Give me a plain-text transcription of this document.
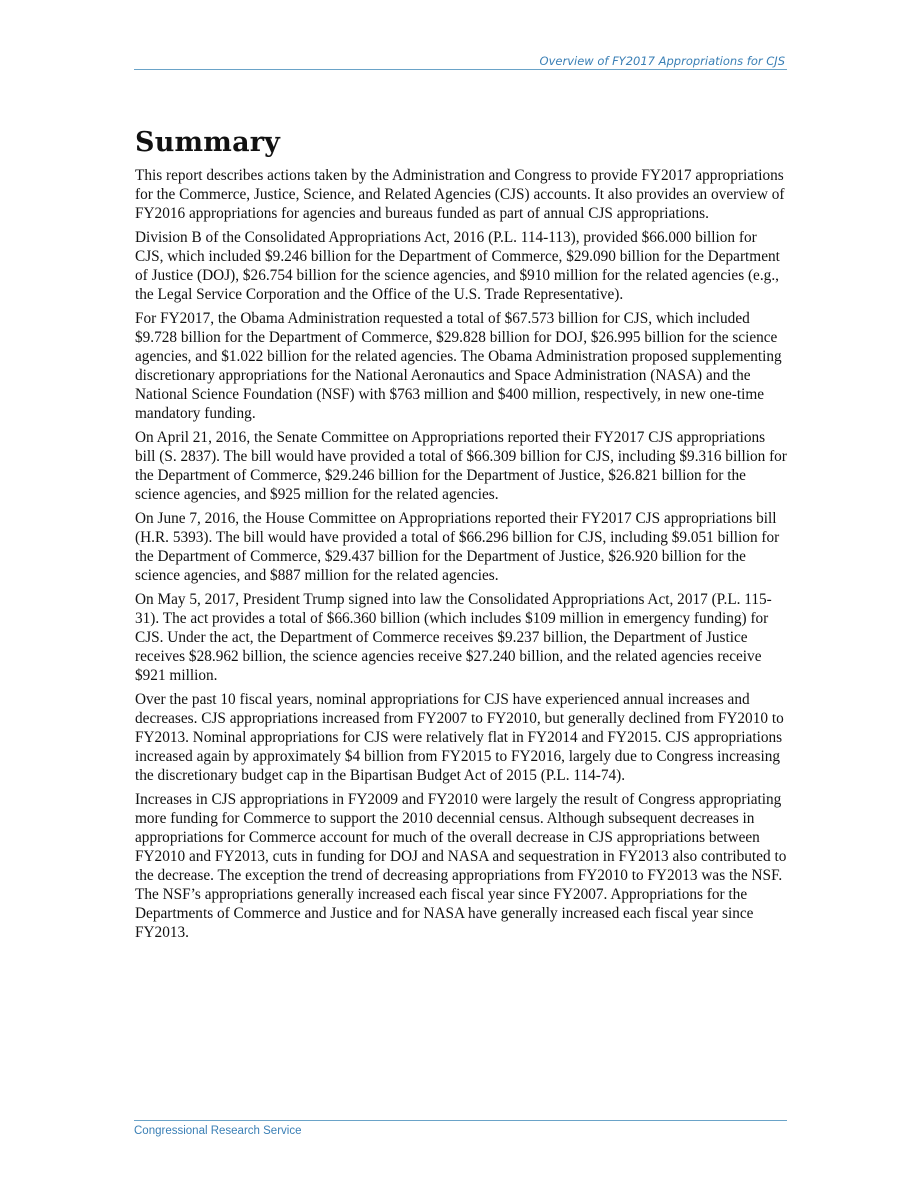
Overview of FY2017 Appropriations for CJS
Summary

This report describes actions taken by the Administration and Congress to provide FY2017 appropriations for the Commerce, Justice, Science, and Related Agencies (CJS) accounts. It also provides an overview of FY2016 appropriations for agencies and bureaus funded as part of annual CJS appropriations.

Division B of the Consolidated Appropriations Act, 2016 (P.L. 114-113), provided $66.000 billion for CJS, which included $9.246 billion for the Department of Commerce, $29.090 billion for the Department of Justice (DOJ), $26.754 billion for the science agencies, and $910 million for the related agencies (e.g., the Legal Service Corporation and the Office of the U.S. Trade Representative).

For FY2017, the Obama Administration requested a total of $67.573 billion for CJS, which included $9.728 billion for the Department of Commerce, $29.828 billion for DOJ, $26.995 billion for the science agencies, and $1.022 billion for the related agencies. The Obama Administration proposed supplementing discretionary appropriations for the National Aeronautics and Space Administration (NASA) and the National Science Foundation (NSF) with $763 million and $400 million, respectively, in new one-time mandatory funding.

On April 21, 2016, the Senate Committee on Appropriations reported their FY2017 CJS appropriations bill (S. 2837). The bill would have provided a total of $66.309 billion for CJS, including $9.316 billion for the Department of Commerce, $29.246 billion for the Department of Justice, $26.821 billion for the science agencies, and $925 million for the related agencies.

On June 7, 2016, the House Committee on Appropriations reported their FY2017 CJS appropriations bill (H.R. 5393). The bill would have provided a total of $66.296 billion for CJS, including $9.051 billion for the Department of Commerce, $29.437 billion for the Department of Justice, $26.920 billion for the science agencies, and $887 million for the related agencies.

On May 5, 2017, President Trump signed into law the Consolidated Appropriations Act, 2017 (P.L. 115-31). The act provides a total of $66.360 billion (which includes $109 million in emergency funding) for CJS. Under the act, the Department of Commerce receives $9.237 billion, the Department of Justice receives $28.962 billion, the science agencies receive $27.240 billion, and the related agencies receive $921 million.

Over the past 10 fiscal years, nominal appropriations for CJS have experienced annual increases and decreases. CJS appropriations increased from FY2007 to FY2010, but generally declined from FY2010 to FY2013. Nominal appropriations for CJS were relatively flat in FY2014 and FY2015. CJS appropriations increased again by approximately $4 billion from FY2015 to FY2016, largely due to Congress increasing the discretionary budget cap in the Bipartisan Budget Act of 2015 (P.L. 114-74).

Increases in CJS appropriations in FY2009 and FY2010 were largely the result of Congress appropriating more funding for Commerce to support the 2010 decennial census. Although subsequent decreases in appropriations for Commerce account for much of the overall decrease in CJS appropriations between FY2010 and FY2013, cuts in funding for DOJ and NASA and sequestration in FY2013 also contributed to the decrease. The exception the trend of decreasing appropriations from FY2010 to FY2013 was the NSF. The NSF’s appropriations generally increased each fiscal year since FY2007. Appropriations for the Departments of Commerce and Justice and for NASA have generally increased each fiscal year since FY2013.

Congressional Research Service
